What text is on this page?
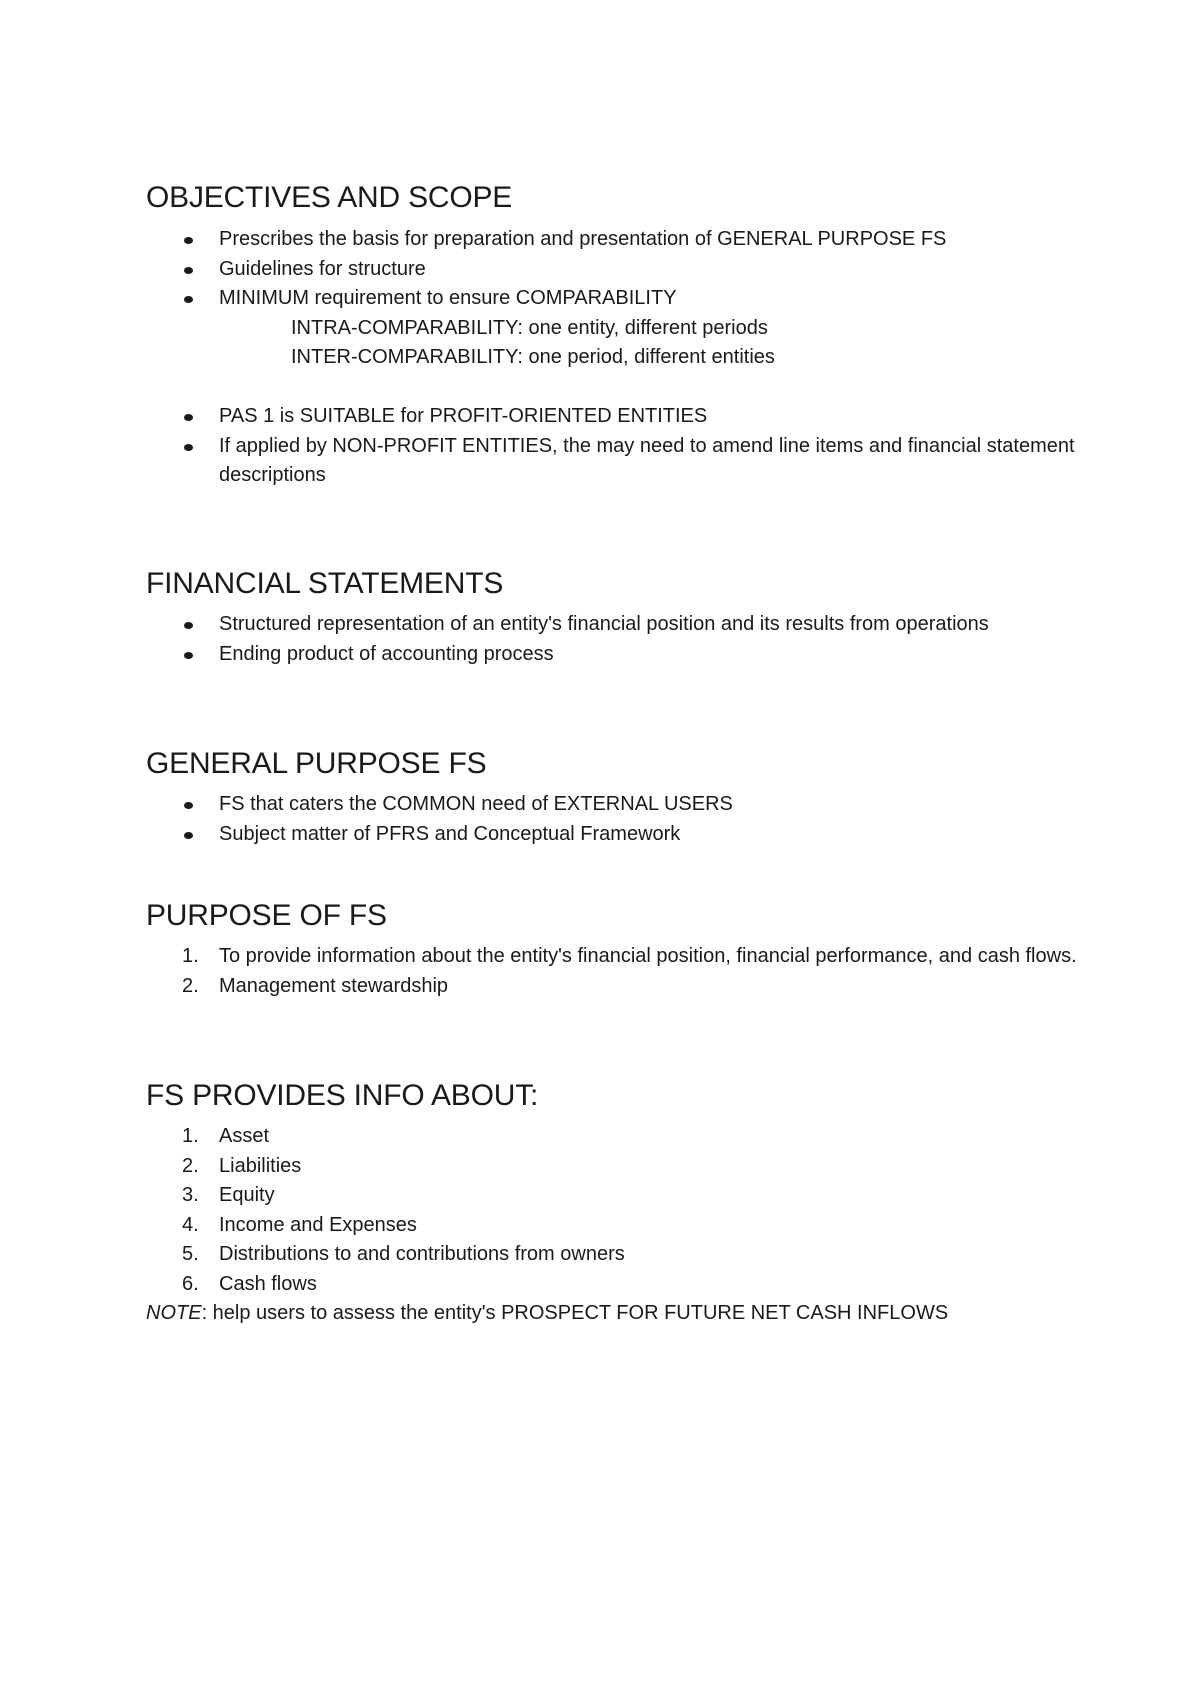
OBJECTIVES AND SCOPE
Prescribes the basis for preparation and presentation of GENERAL PURPOSE FS
Guidelines for structure
MINIMUM requirement to ensure COMPARABILITY

INTRA-COMPARABILITY: one entity, different periods

INTER-COMPARABILITY: one period, different entities

PAS 1 is SUITABLE for PROFIT-ORIENTED ENTITIES
If applied by NON-PROFIT ENTITIES, the may need to amend line items and financial statement descriptions
FINANCIAL STATEMENTS
Structured representation of an entity's financial position and its results from operations
Ending product of accounting process
GENERAL PURPOSE FS
FS that caters the COMMON need of EXTERNAL USERS
Subject matter of PFRS and Conceptual Framework
PURPOSE OF FS
1. To provide information about the entity's financial position, financial performance, and cash flows.
2. Management stewardship
FS PROVIDES INFO ABOUT:
1. Asset
2. Liabilities
3. Equity
4. Income and Expenses
5. Distributions to and contributions from owners
6. Cash flows

NOTE: help users to assess the entity's PROSPECT FOR FUTURE NET CASH INFLOWS
